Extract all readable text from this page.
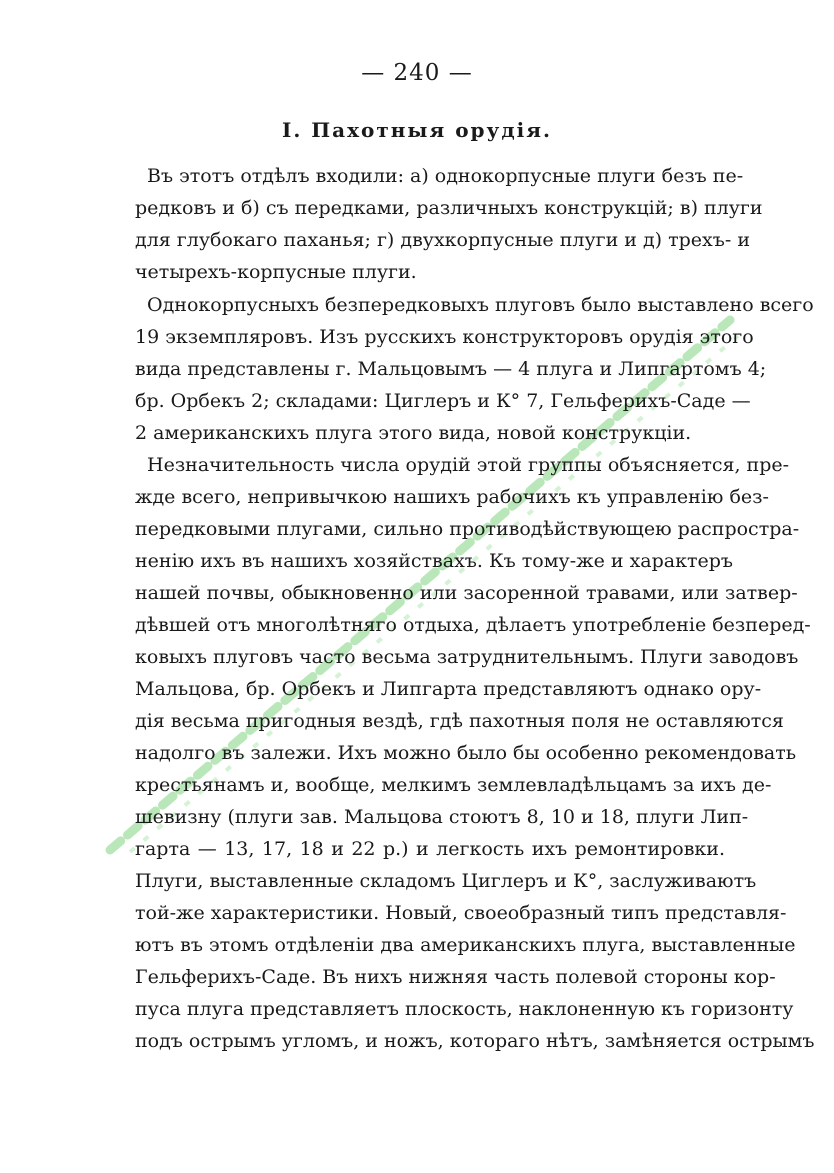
— 240 —
I. Пахотныя орудія.
Въ этотъ отдѣлъ входили: а) однокорпусные плуги безъ пе-
редковъ и б) съ передками, различныхъ конструкцій; в) плуги
для глубокаго паханья; г) двухкорпусные плуги и д) трехъ- и
четырехъ-корпусные плуги.
Однокорпусныхъ безпередковыхъ плуговъ было выставлено всего
19 экземпляровъ. Изъ русскихъ конструкторовъ орудія этого
вида представлены г. Мальцовымъ — 4 плуга и Липгартомъ 4;
бр. Орбекъ 2; складами: Циглеръ и К° 7, Гельферихъ-Саде —
2 американскихъ плуга этого вида, новой конструкціи.
Незначительность числа орудій этой группы объясняется, пре-
жде всего, непривычкою нашихъ рабочихъ къ управленію без-
передковыми плугами, сильно противодѣйствующею распростра-
ненію ихъ въ нашихъ хозяйствахъ. Къ тому-же и характеръ
нашей почвы, обыкновенно или засоренной травами, или затвер-
дѣвшей отъ многолѣтняго отдыха, дѣлаетъ употребленіе безперед-
ковыхъ плуговъ часто весьма затруднительнымъ. Плуги заводовъ
Мальцова, бр. Орбекъ и Липгарта представляютъ однако ору-
дія весьма пригодныя вездѣ, гдѣ пахотныя поля не оставляются
надолго въ залежи. Ихъ можно было бы особенно рекомендовать
крестьянамъ и, вообще, мелкимъ землевладѣльцамъ за ихъ де-
шевизну (плуги зав. Мальцова стоютъ 8, 10 и 18, плуги Лип-
гарта — 13, 17, 18 и 22 р.) и легкость ихъ ремонтировки.
Плуги, выставленные складомъ Циглеръ и К°, заслуживаютъ
той-же характеристики. Новый, своеобразный типъ представля-
ютъ въ этомъ отдѣленіи два американскихъ плуга, выставленные
Гельферихъ-Саде. Въ нихъ нижняя часть полевой стороны кор-
пуса плуга представляетъ плоскость, наклоненную къ горизонту
подъ острымъ угломъ, и ножъ, котораго нѣтъ, замѣняется острымъ
